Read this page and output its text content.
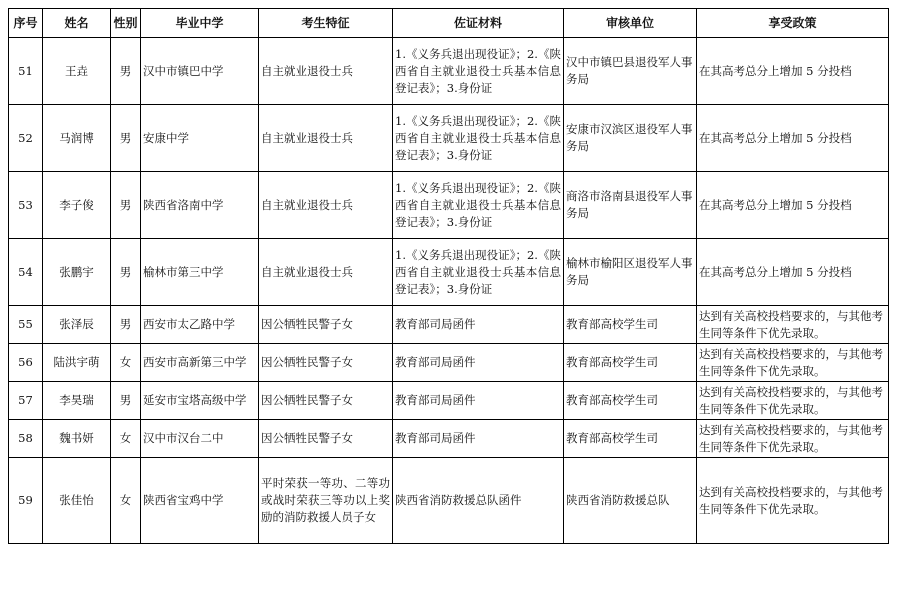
序号	姓名	性别	毕业中学	考生特征	佐证材料	审核单位	享受政策
51	王垚	男	汉中市镇巴中学	自主就业退役士兵	1.《义务兵退出现役证》；2.《陕西省自主就业退役士兵基本信息登记表》；3.身份证	汉中市镇巴县退役军人事务局	在其高考总分上增加 5 分投档
52	马润博	男	安康中学	自主就业退役士兵	1.《义务兵退出现役证》；2.《陕西省自主就业退役士兵基本信息登记表》；3.身份证	安康市汉滨区退役军人事务局	在其高考总分上增加 5 分投档
53	李子俊	男	陕西省洛南中学	自主就业退役士兵	1.《义务兵退出现役证》；2.《陕西省自主就业退役士兵基本信息登记表》；3.身份证	商洛市洛南县退役军人事务局	在其高考总分上增加 5 分投档
54	张鹏宇	男	榆林市第三中学	自主就业退役士兵	1.《义务兵退出现役证》；2.《陕西省自主就业退役士兵基本信息登记表》；3.身份证	榆林市榆阳区退役军人事务局	在其高考总分上增加 5 分投档
55	张泽辰	男	西安市太乙路中学	因公牺牲民警子女	教育部司局函件	教育部高校学生司	达到有关高校投档要求的，与其他考生同等条件下优先录取。
56	陆洪宇萌	女	西安市高新第三中学	因公牺牲民警子女	教育部司局函件	教育部高校学生司	达到有关高校投档要求的，与其他考生同等条件下优先录取。
57	李昊瑞	男	延安市宝塔高级中学	因公牺牲民警子女	教育部司局函件	教育部高校学生司	达到有关高校投档要求的，与其他考生同等条件下优先录取。
58	魏书妍	女	汉中市汉台二中	因公牺牲民警子女	教育部司局函件	教育部高校学生司	达到有关高校投档要求的，与其他考生同等条件下优先录取。
59	张佳怡	女	陕西省宝鸡中学	平时荣获一等功、二等功或战时荣获三等功以上奖励的消防救援人员子女	陕西省消防救援总队函件	陕西省消防救援总队	达到有关高校投档要求的，与其他考生同等条件下优先录取。
